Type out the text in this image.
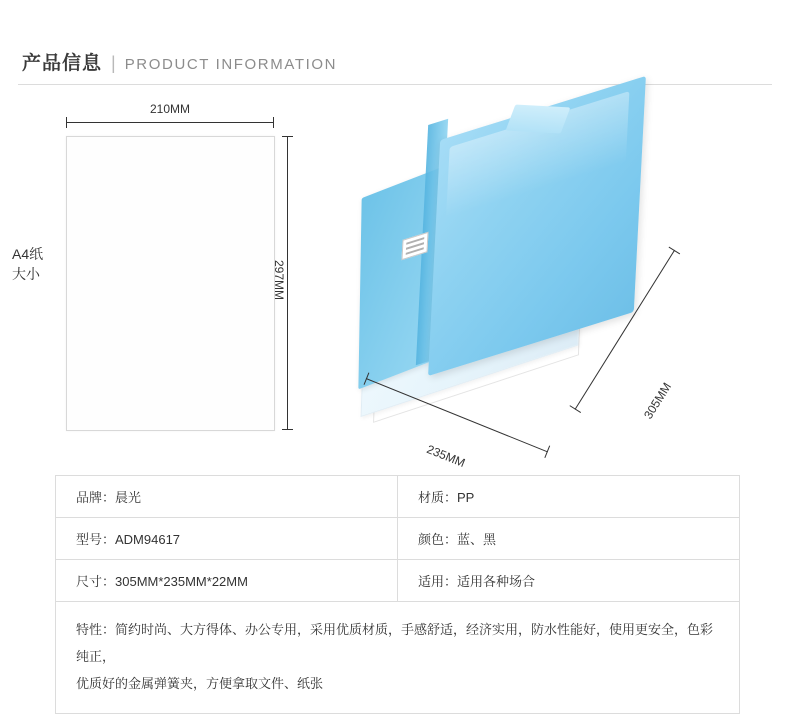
产品信息 | PRODUCT INFORMATION
A4纸
大小
210MM
297MM
235MM
305MM
品牌：晨光	材质：PP
型号：ADM94617	颜色：蓝、黑
尺寸：305MM*235MM*22MM	适用：适用各种场合

特性：简约时尚、大方得体、办公专用，采用优质材质，手感舒适，经济实用，防水性能好，使用更安全，色彩纯正，
优质好的金属弹簧夹，方便拿取文件、纸张	
